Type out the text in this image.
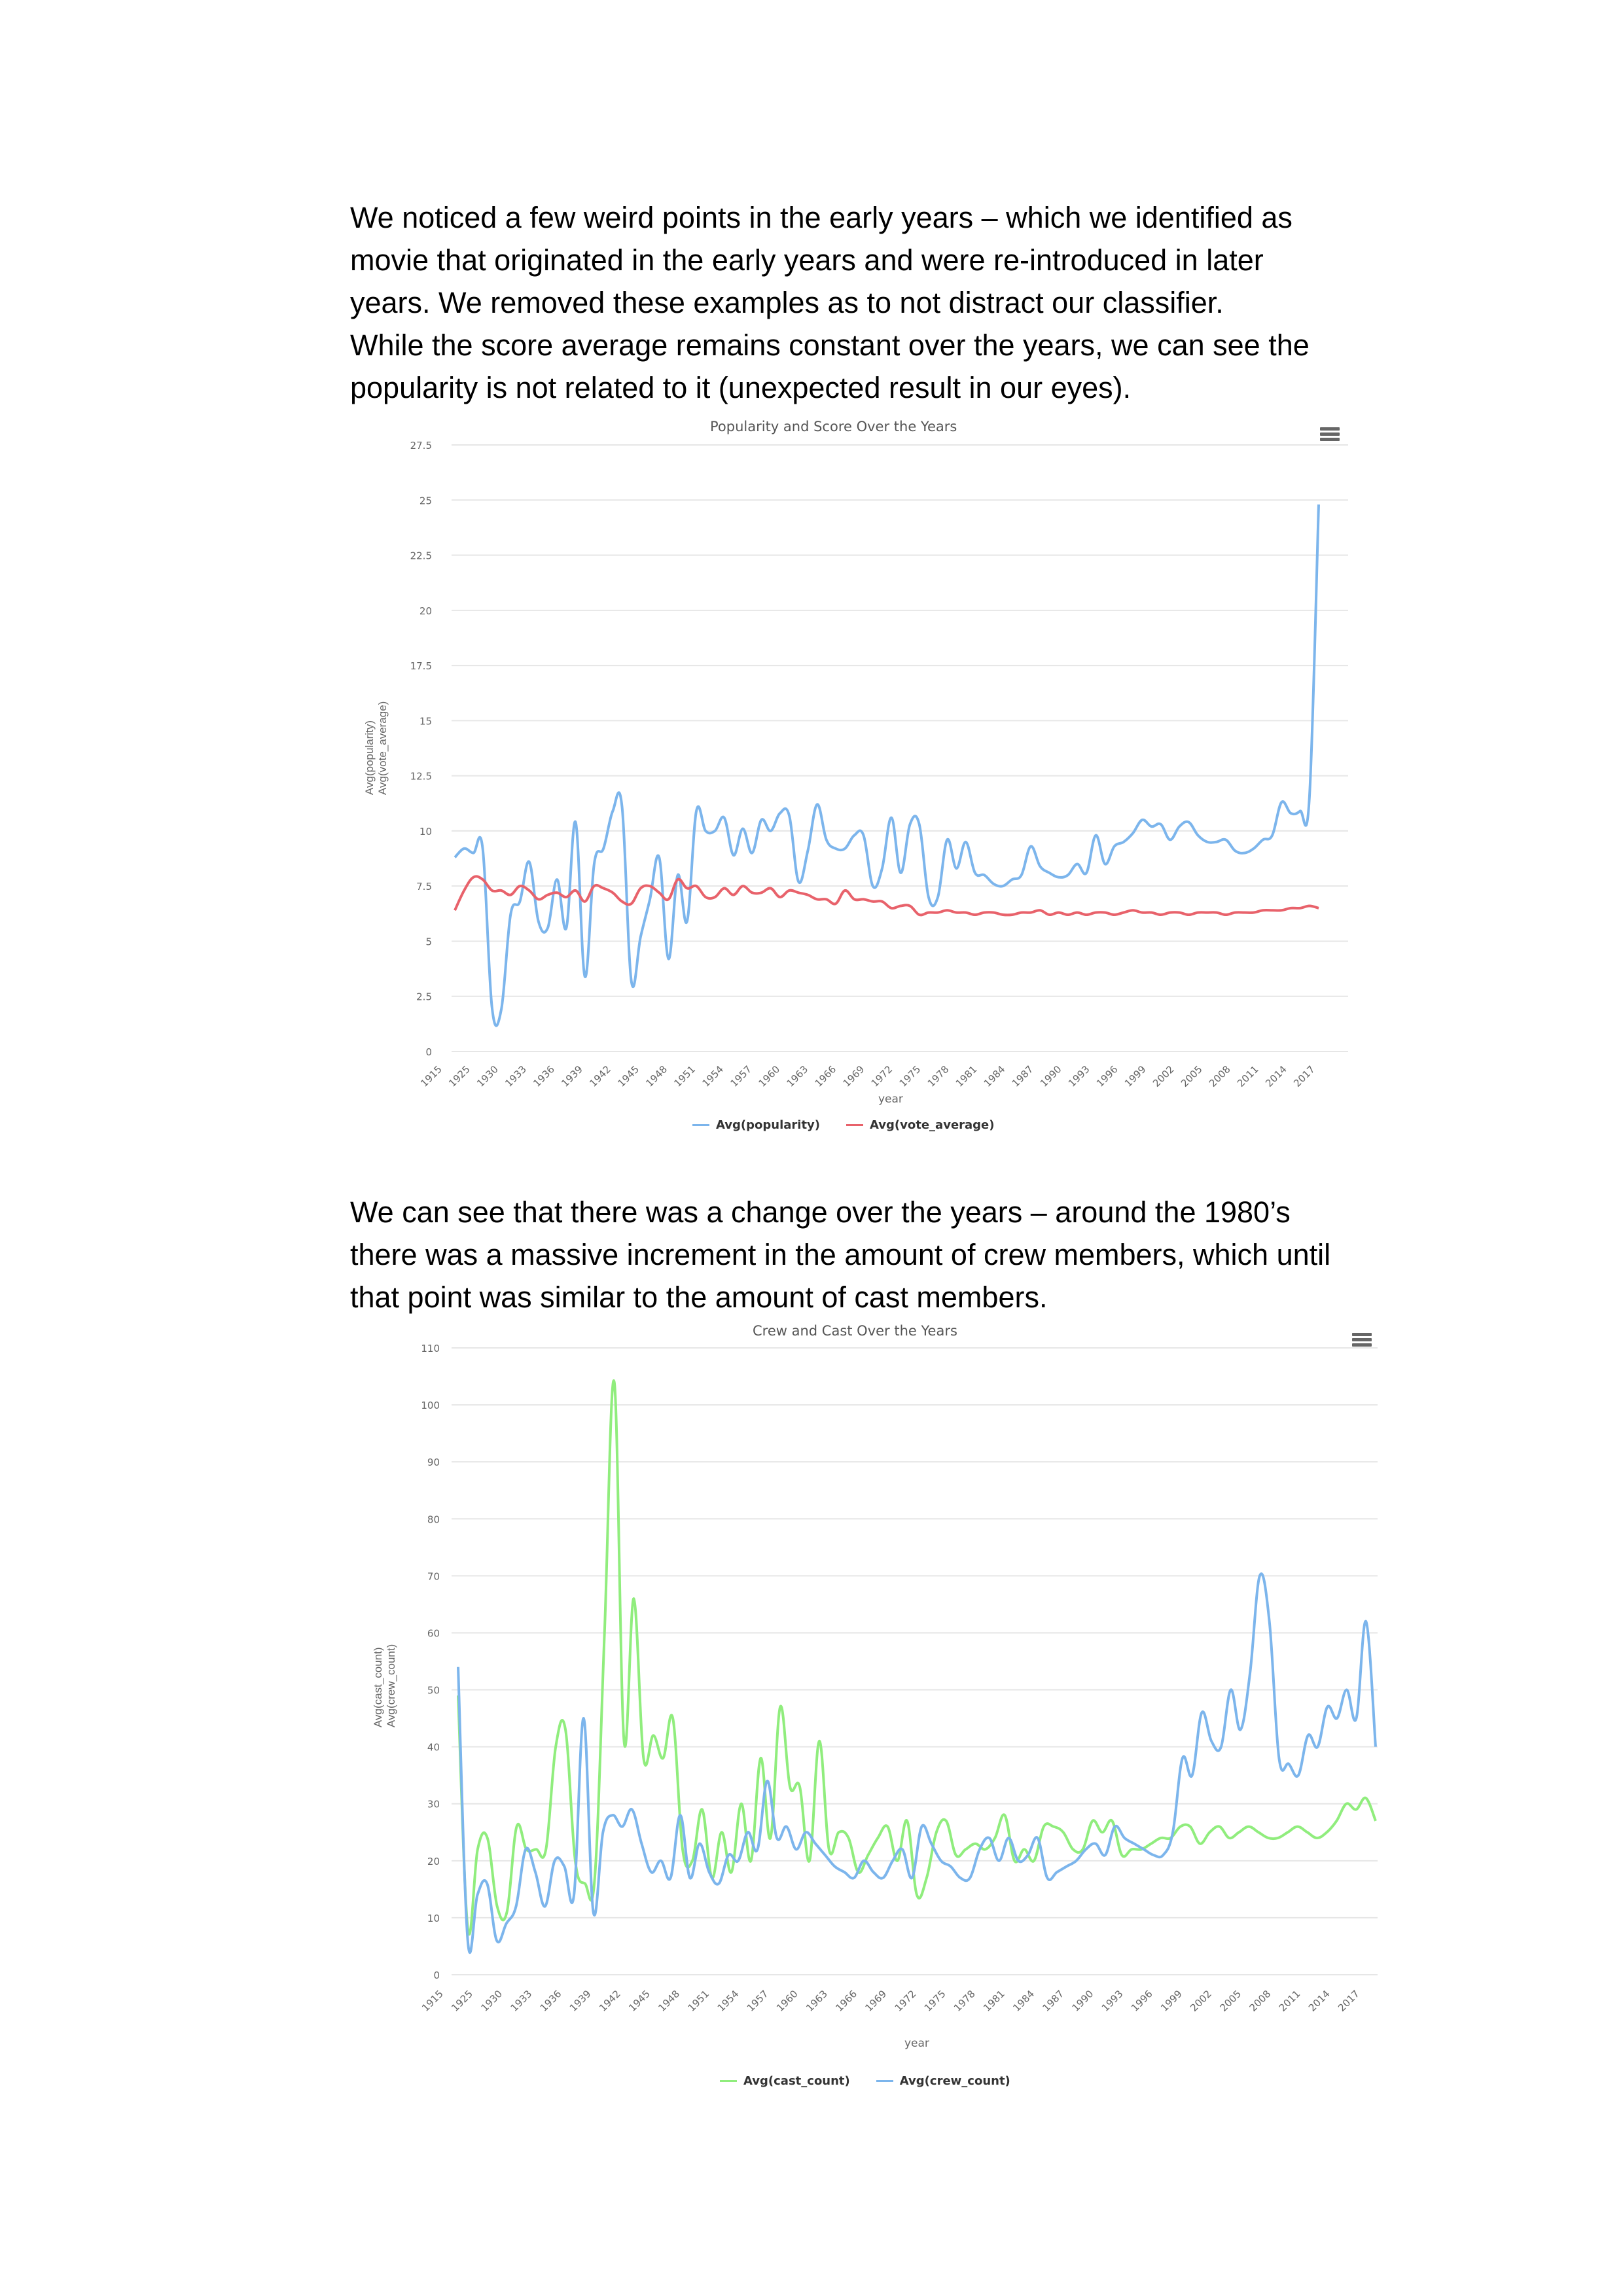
We noticed a few weird points in the early years – which we identified as

movie that originated in the early years and were re-introduced in later

years. We removed these examples as to not distract our classifier.

While the score average remains constant over the years, we can see the

popularity is not related to it (unexpected result in our eyes).

Popularity and Score Over the Years
Avg(popularity) Avg(vote_average)
0
2.5
5
7.5
10
12.5
15
17.5
20
22.5
25
27.5
1915 1925 1930 1933 1936 1939 1942 1945 1948 1951 1954 1957 1960 1963 1966 1969 1972 1975 1978 1981 1984 1987 1990 1993 1996 1999 2002 2005 2008 2011 2014 2017
year
Avg(popularity)	Avg(vote_average)

We can see that there was a change over the years – around the 1980’s

there was a massive increment in the amount of crew members, which until

that point was similar to the amount of cast members.

Crew and Cast Over the Years
Avg(cast_count) Avg(crew_count)
0
10
20
30
40
50
60
70
80
90
100
110
1915 1925 1930 1933 1936 1939 1942 1945 1948 1951 1954 1957 1960 1963 1966 1969 1972 1975 1978 1981 1984 1987 1990 1993 1996 1999 2002 2005 2008 2011 2014 2017
year
Avg(cast_count)	Avg(crew_count)
